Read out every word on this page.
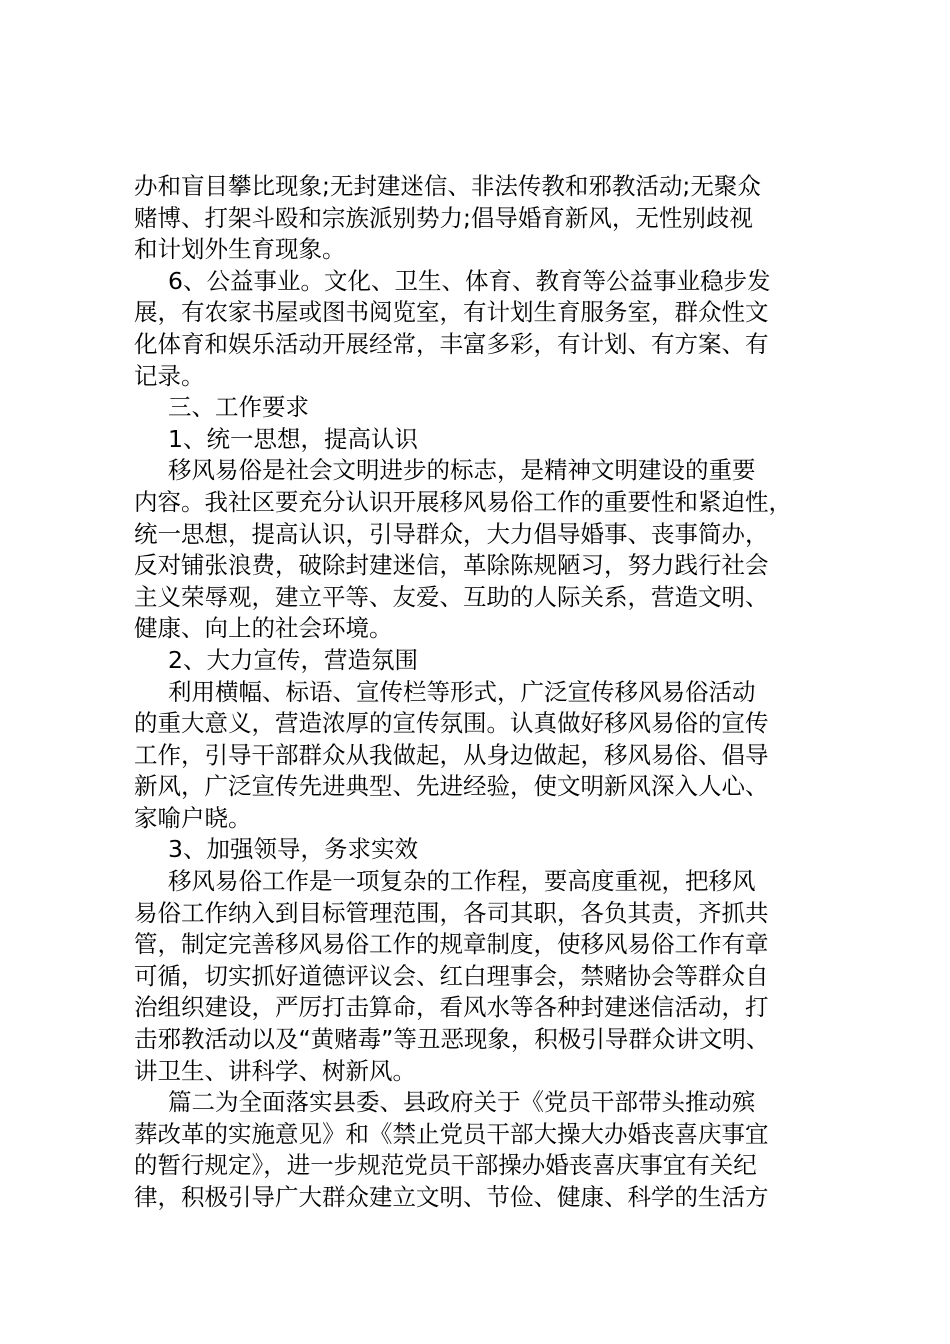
办和盲目攀比现象;无封建迷信、非法传教和邪教活动;无聚众
赌博、打架斗殴和宗族派别势力;倡导婚育新风，无性别歧视
和计划外生育现象。
6、公益事业。文化、卫生、体育、教育等公益事业稳步发
展，有农家书屋或图书阅览室，有计划生育服务室，群众性文
化体育和娱乐活动开展经常，丰富多彩，有计划、有方案、有
记录。
三、工作要求
1、统一思想，提高认识
移风易俗是社会文明进步的标志，是精神文明建设的重要
内容。我社区要充分认识开展移风易俗工作的重要性和紧迫性，
统一思想，提高认识，引导群众，大力倡导婚事、丧事简办，
反对铺张浪费，破除封建迷信，革除陈规陋习，努力践行社会
主义荣辱观，建立平等、友爱、互助的人际关系，营造文明、
健康、向上的社会环境。
2、大力宣传，营造氛围
利用横幅、标语、宣传栏等形式，广泛宣传移风易俗活动
的重大意义，营造浓厚的宣传氛围。认真做好移风易俗的宣传
工作，引导干部群众从我做起，从身边做起，移风易俗、倡导
新风，广泛宣传先进典型、先进经验，使文明新风深入人心、
家喻户晓。
3、加强领导，务求实效
移风易俗工作是一项复杂的工作程，要高度重视，把移风
易俗工作纳入到目标管理范围，各司其职，各负其责，齐抓共
管，制定完善移风易俗工作的规章制度，使移风易俗工作有章
可循，切实抓好道德评议会、红白理事会，禁赌协会等群众自
治组织建设，严厉打击算命，看风水等各种封建迷信活动，打
击邪教活动以及“黄赌毒”等丑恶现象，积极引导群众讲文明、
讲卫生、讲科学、树新风。
篇二为全面落实县委、县政府关于《党员干部带头推动殡
葬改革的实施意见》和《禁止党员干部大操大办婚丧喜庆事宜
的暂行规定》，进一步规范党员干部操办婚丧喜庆事宜有关纪
律，积极引导广大群众建立文明、节俭、健康、科学的生活方
